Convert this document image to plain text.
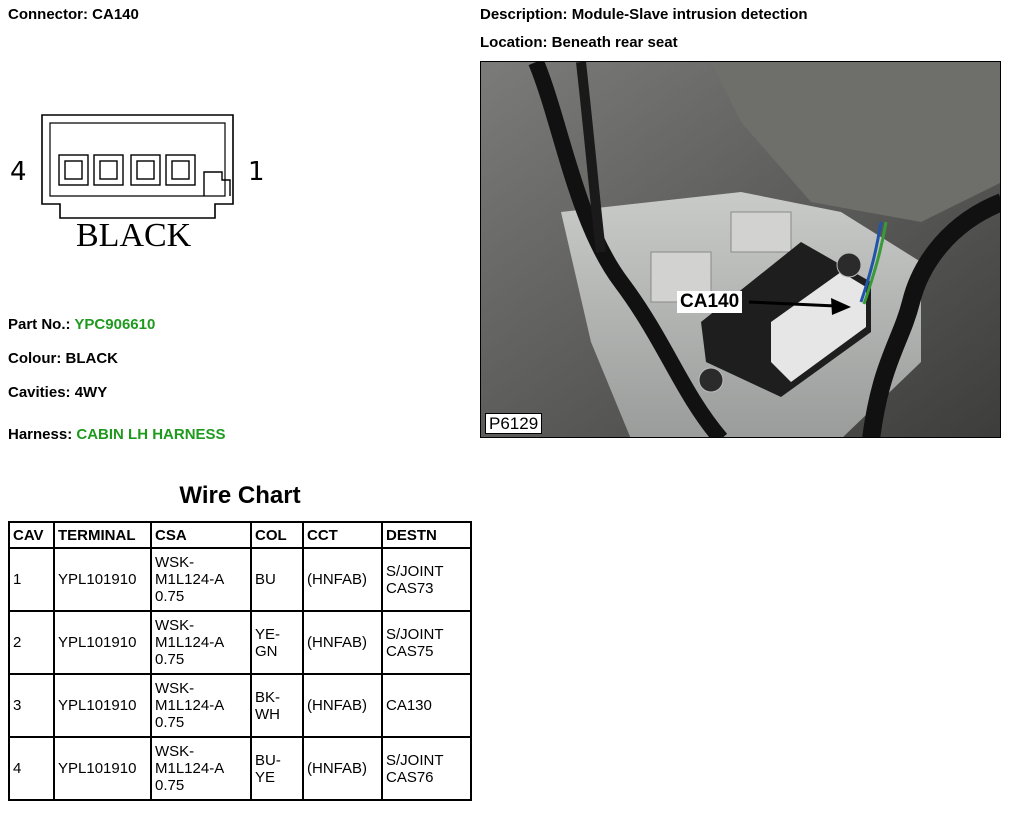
Connector: CA140	Description: Module-Slave intrusion detection
Location: Beneath rear seat
4	1
BLACK
Part No.: YPC906610
Colour: BLACK
Cavities: 4WY
Harness: CABIN LH HARNESS
CA140
P6129
Wire Chart
CAV	TERMINAL	CSA	COL	CCT	DESTN
1	YPL101910	WSK-
M1L124-A
0.75	BU	(HNFAB)	S/JOINT
CAS73
2	YPL101910	WSK-
M1L124-A
0.75	YE-
GN	(HNFAB)	S/JOINT
CAS75
3	YPL101910	WSK-
M1L124-A
0.75	BK-
WH	(HNFAB)	CA130
4	YPL101910	WSK-
M1L124-A
0.75	BU-
YE	(HNFAB)	S/JOINT
CAS76
